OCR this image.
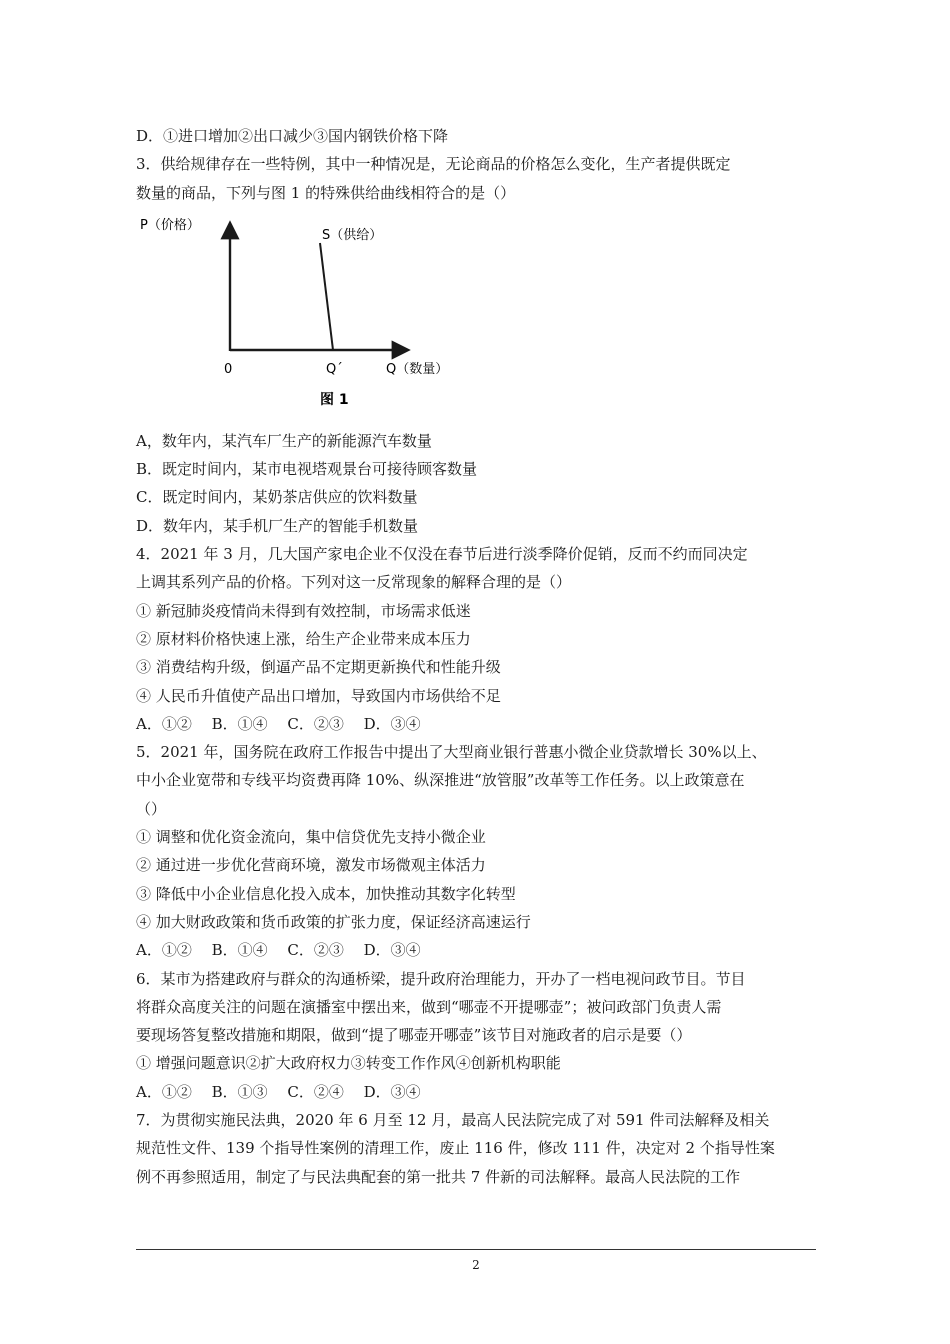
D．①进口增加②出口减少③国内钢铁价格下降
3．供给规律存在一些特例，其中一种情况是，无论商品的价格怎么变化，生产者提供既定
数量的商品，下列与图 1 的特殊供给曲线相符合的是（）
P（价格）
S（供给）
0	Q´	Q（数量）
图 1
A，数年内，某汽车厂生产的新能源汽车数量
B．既定时间内，某市电视塔观景台可接待顾客数量
C．既定时间内，某奶茶店供应的饮料数量
D．数年内，某手机厂生产的智能手机数量
4．2021 年 3 月，几大国产家电企业不仅没在春节后进行淡季降价促销，反而不约而同决定
上调其系列产品的价格。下列对这一反常现象的解释合理的是（）
① 新冠肺炎疫情尚未得到有效控制，市场需求低迷
② 原材料价格快速上涨，给生产企业带来成本压力
③ 消费结构升级，倒逼产品不定期更新换代和性能升级
④ 人民币升值使产品出口增加，导致国内市场供给不足
A．①②　 B．①④　 C．②③　 D．③④
5．2021 年，国务院在政府工作报告中提出了大型商业银行普惠小微企业贷款增长 30%以上、
中小企业宽带和专线平均资费再降 10%、纵深推进“放管服”改革等工作任务。以上政策意在
（）
① 调整和优化资金流向，集中信贷优先支持小微企业
② 通过进一步优化营商环境，激发市场微观主体活力
③ 降低中小企业信息化投入成本，加快推动其数字化转型
④ 加大财政政策和货币政策的扩张力度，保证经济高速运行
A．①②　 B．①④　 C．②③　 D．③④
6．某市为搭建政府与群众的沟通桥梁，提升政府治理能力，开办了一档电视问政节目。节目
将群众高度关注的问题在演播室中摆出来，做到“哪壶不开提哪壶”；被问政部门负责人需
要现场答复整改措施和期限，做到“提了哪壶开哪壶”该节目对施政者的启示是要（）
① 增强问题意识②扩大政府权力③转变工作作风④创新机构职能
A．①②　 B．①③　 C．②④　 D．③④
7．为贯彻实施民法典，2020 年 6 月至 12 月，最高人民法院完成了对 591 件司法解释及相关
规范性文件、139 个指导性案例的清理工作，废止 116 件，修改 111 件，决定对 2 个指导性案
例不再参照适用，制定了与民法典配套的第一批共 7 件新的司法解释。最高人民法院的工作
2
